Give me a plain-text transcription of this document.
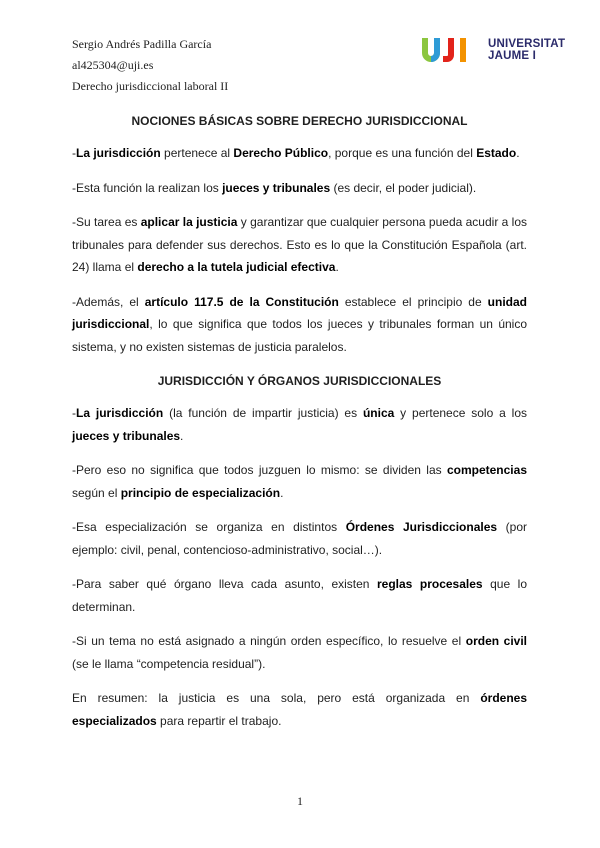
Sergio Andrés Padilla García
al425304@uji.es
Derecho jurisdiccional laboral II
UNIVERSITAT
JAUME I
NOCIONES BÁSICAS SOBRE DERECHO JURISDICCIONAL

-La jurisdicción pertenece al Derecho Público, porque es una función del Estado.

-Esta función la realizan los jueces y tribunales (es decir, el poder judicial).

-Su tarea es aplicar la justicia y garantizar que cualquier persona pueda acudir a los tribunales para defender sus derechos. Esto es lo que la Constitución Española (art. 24) llama el derecho a la tutela judicial efectiva.

-Además, el artículo 117.5 de la Constitución establece el principio de unidad jurisdiccional, lo que significa que todos los jueces y tribunales forman un único sistema, y no existen sistemas de justicia paralelos.

JURISDICCIÓN Y ÓRGANOS JURISDICCIONALES

-La jurisdicción (la función de impartir justicia) es única y pertenece solo a los jueces y tribunales.

-Pero eso no significa que todos juzguen lo mismo: se dividen las competencias según el principio de especialización.

-Esa especialización se organiza en distintos Órdenes Jurisdiccionales (por ejemplo: civil, penal, contencioso-administrativo, social…).

-Para saber qué órgano lleva cada asunto, existen reglas procesales que lo determinan.

-Si un tema no está asignado a ningún orden específico, lo resuelve el orden civil (se le llama “competencia residual”).

En resumen: la justicia es una sola, pero está organizada en órdenes especializados para repartir el trabajo.

1
